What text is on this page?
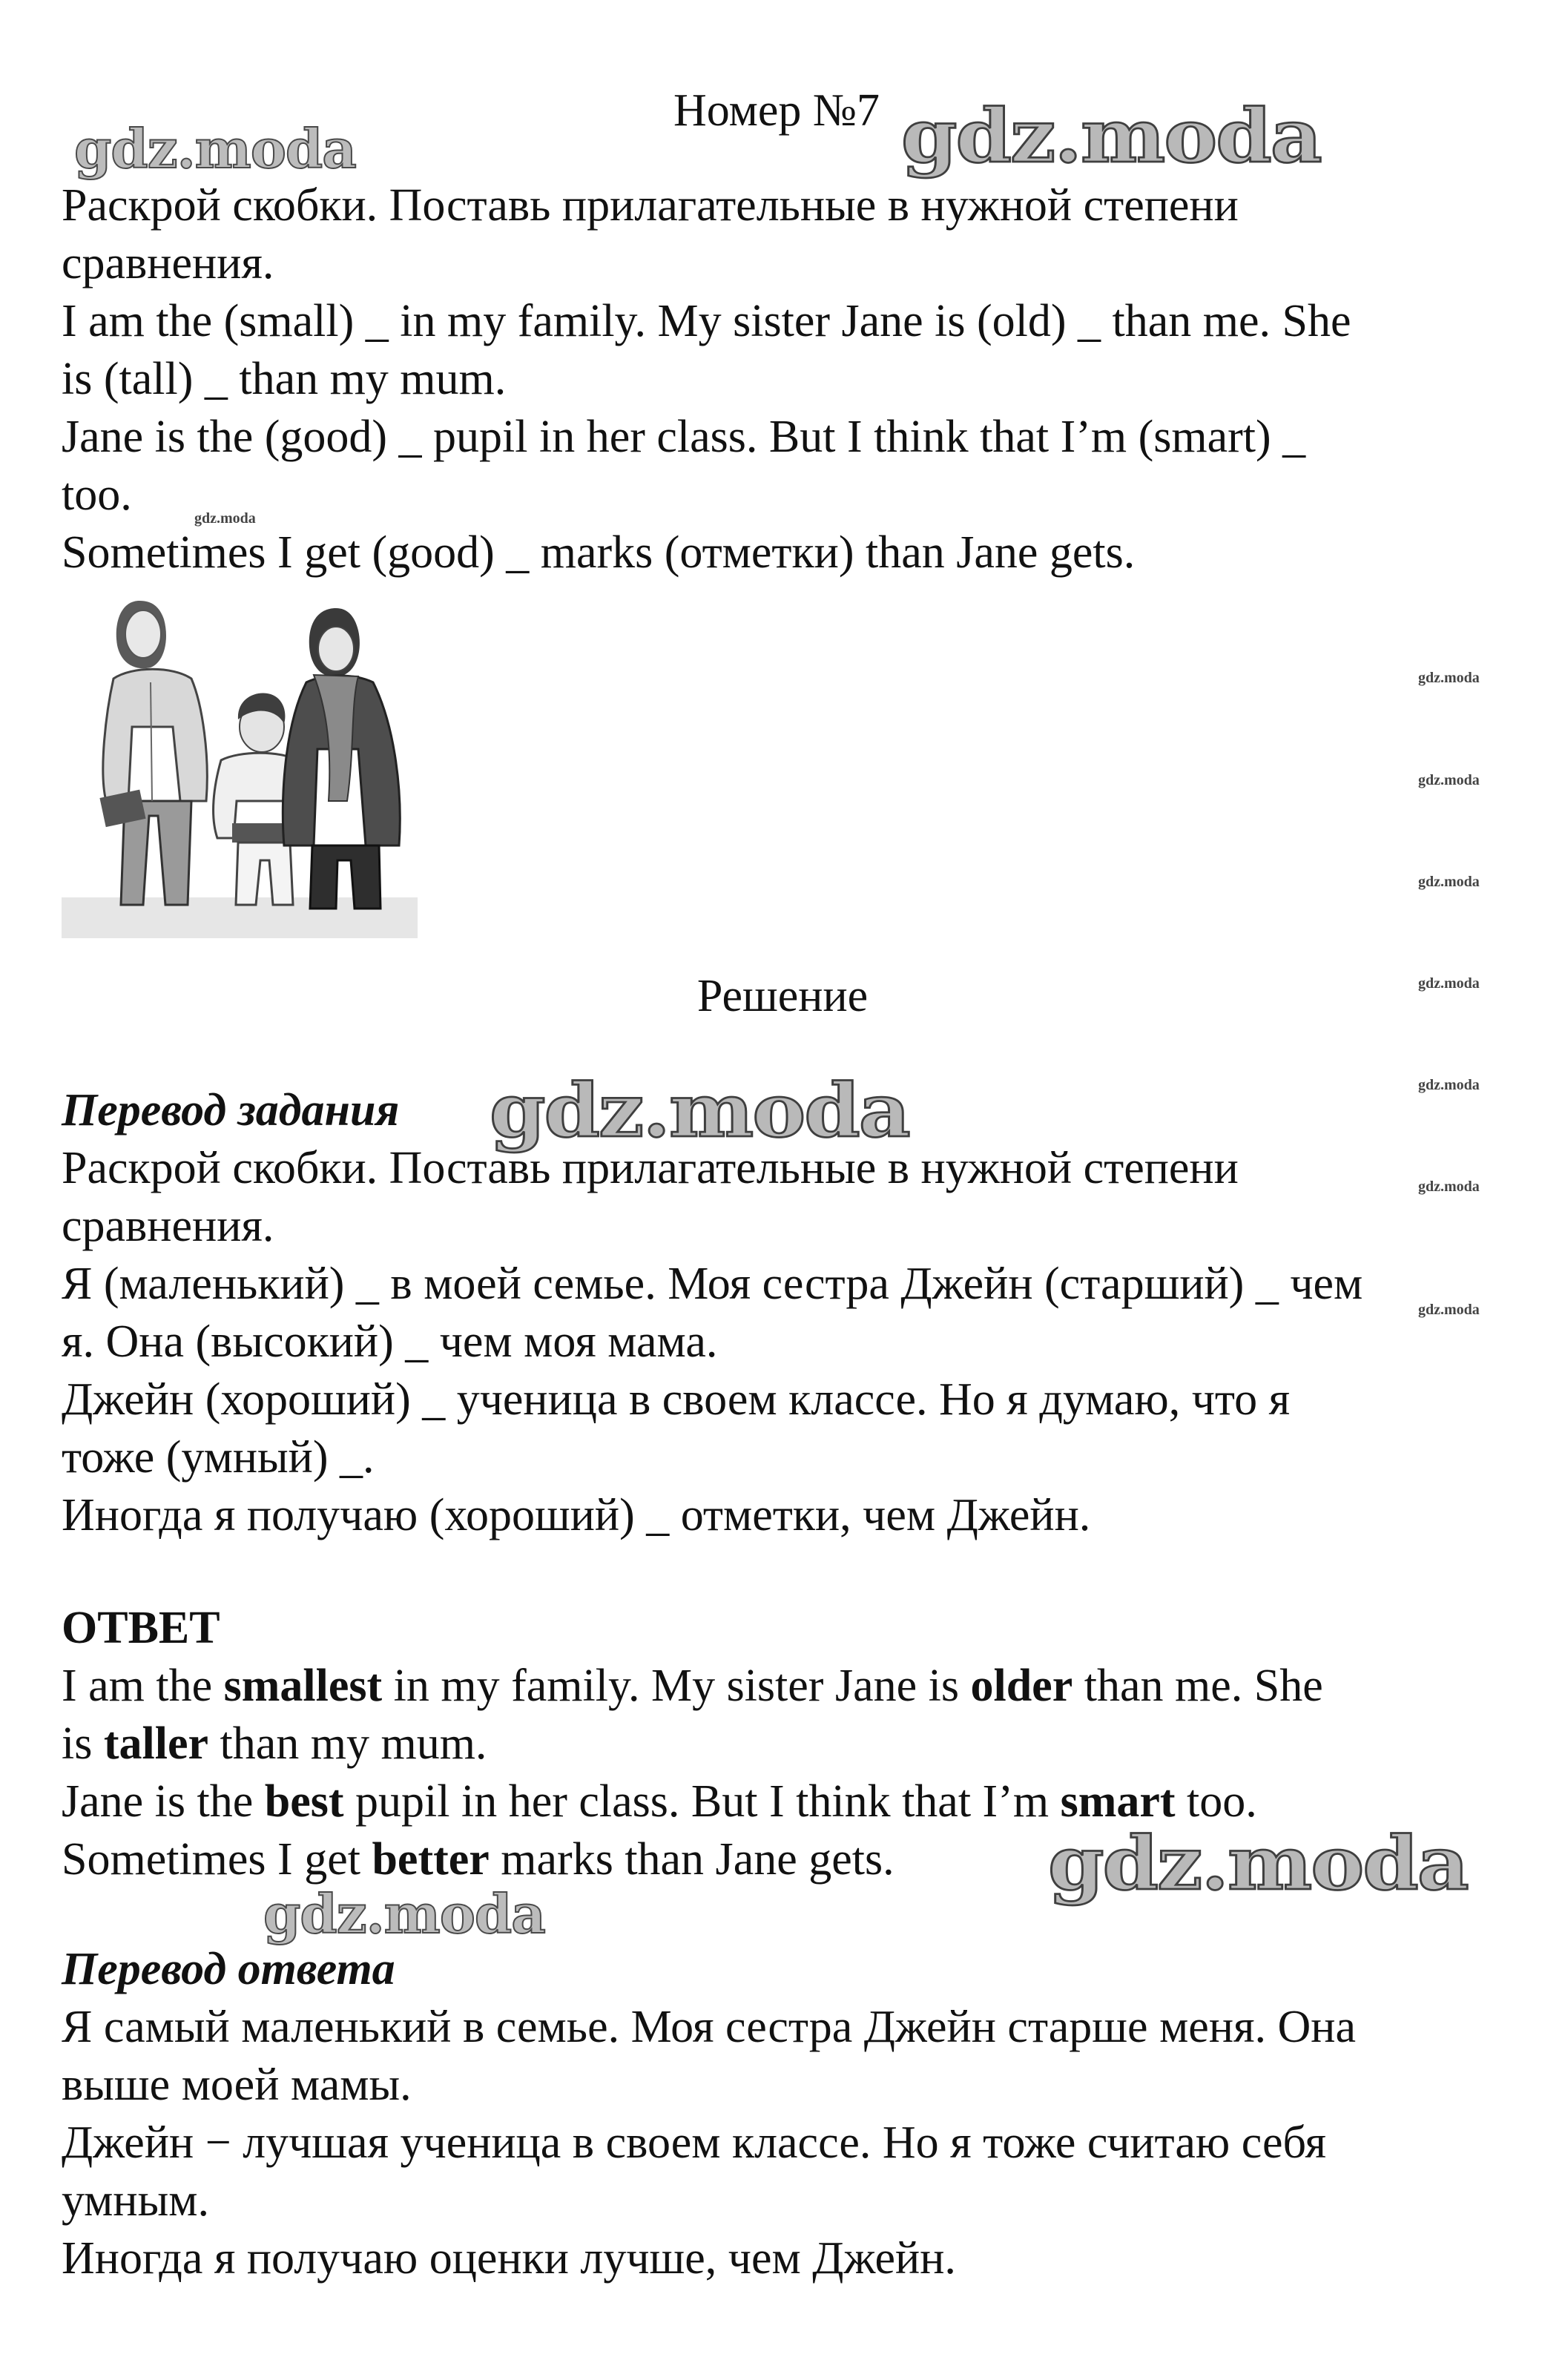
gdz.moda	gdz.moda
gdz.moda
gdz.moda
gdz.moda
gdz.moda
gdz.moda
gdz.moda
gdz.moda
gdz.moda
gdz.moda
gdz.moda
gdz.moda
Номер №7
Раскрой скобки. Поставь прилагательные в нужной степени
сравнения.
I am the (small) _ in my family. My sister Jane is (old) _ than me. She
is (tall) _ than my mum.
Jane is the (good) _ pupil in her class. But I think that I’m (smart) _
too.
Sometimes I get (good) _ marks (отметки) than Jane gets.
Решение
Перевод задания
Раскрой скобки. Поставь прилагательные в нужной степени
сравнения.
Я (маленький) _ в моей семье. Моя сестра Джейн (старший) _ чем
я. Она (высокий) _ чем моя мама.
Джейн (хороший) _ ученица в своем классе. Но я думаю, что я
тоже (умный) _.
Иногда я получаю (хороший) _ отметки, чем Джейн.
ОТВЕТ
I am the smallest in my family. My sister Jane is older than me. She
is taller than my mum.
Jane is the best pupil in her class. But I think that I’m smart too.
Sometimes I get better marks than Jane gets.
Перевод ответа
Я самый маленький в семье. Моя сестра Джейн старше меня. Она
выше моей мамы.
Джейн − лучшая ученица в своем классе. Но я тоже считаю себя
умным.
Иногда я получаю оценки лучше, чем Джейн.
